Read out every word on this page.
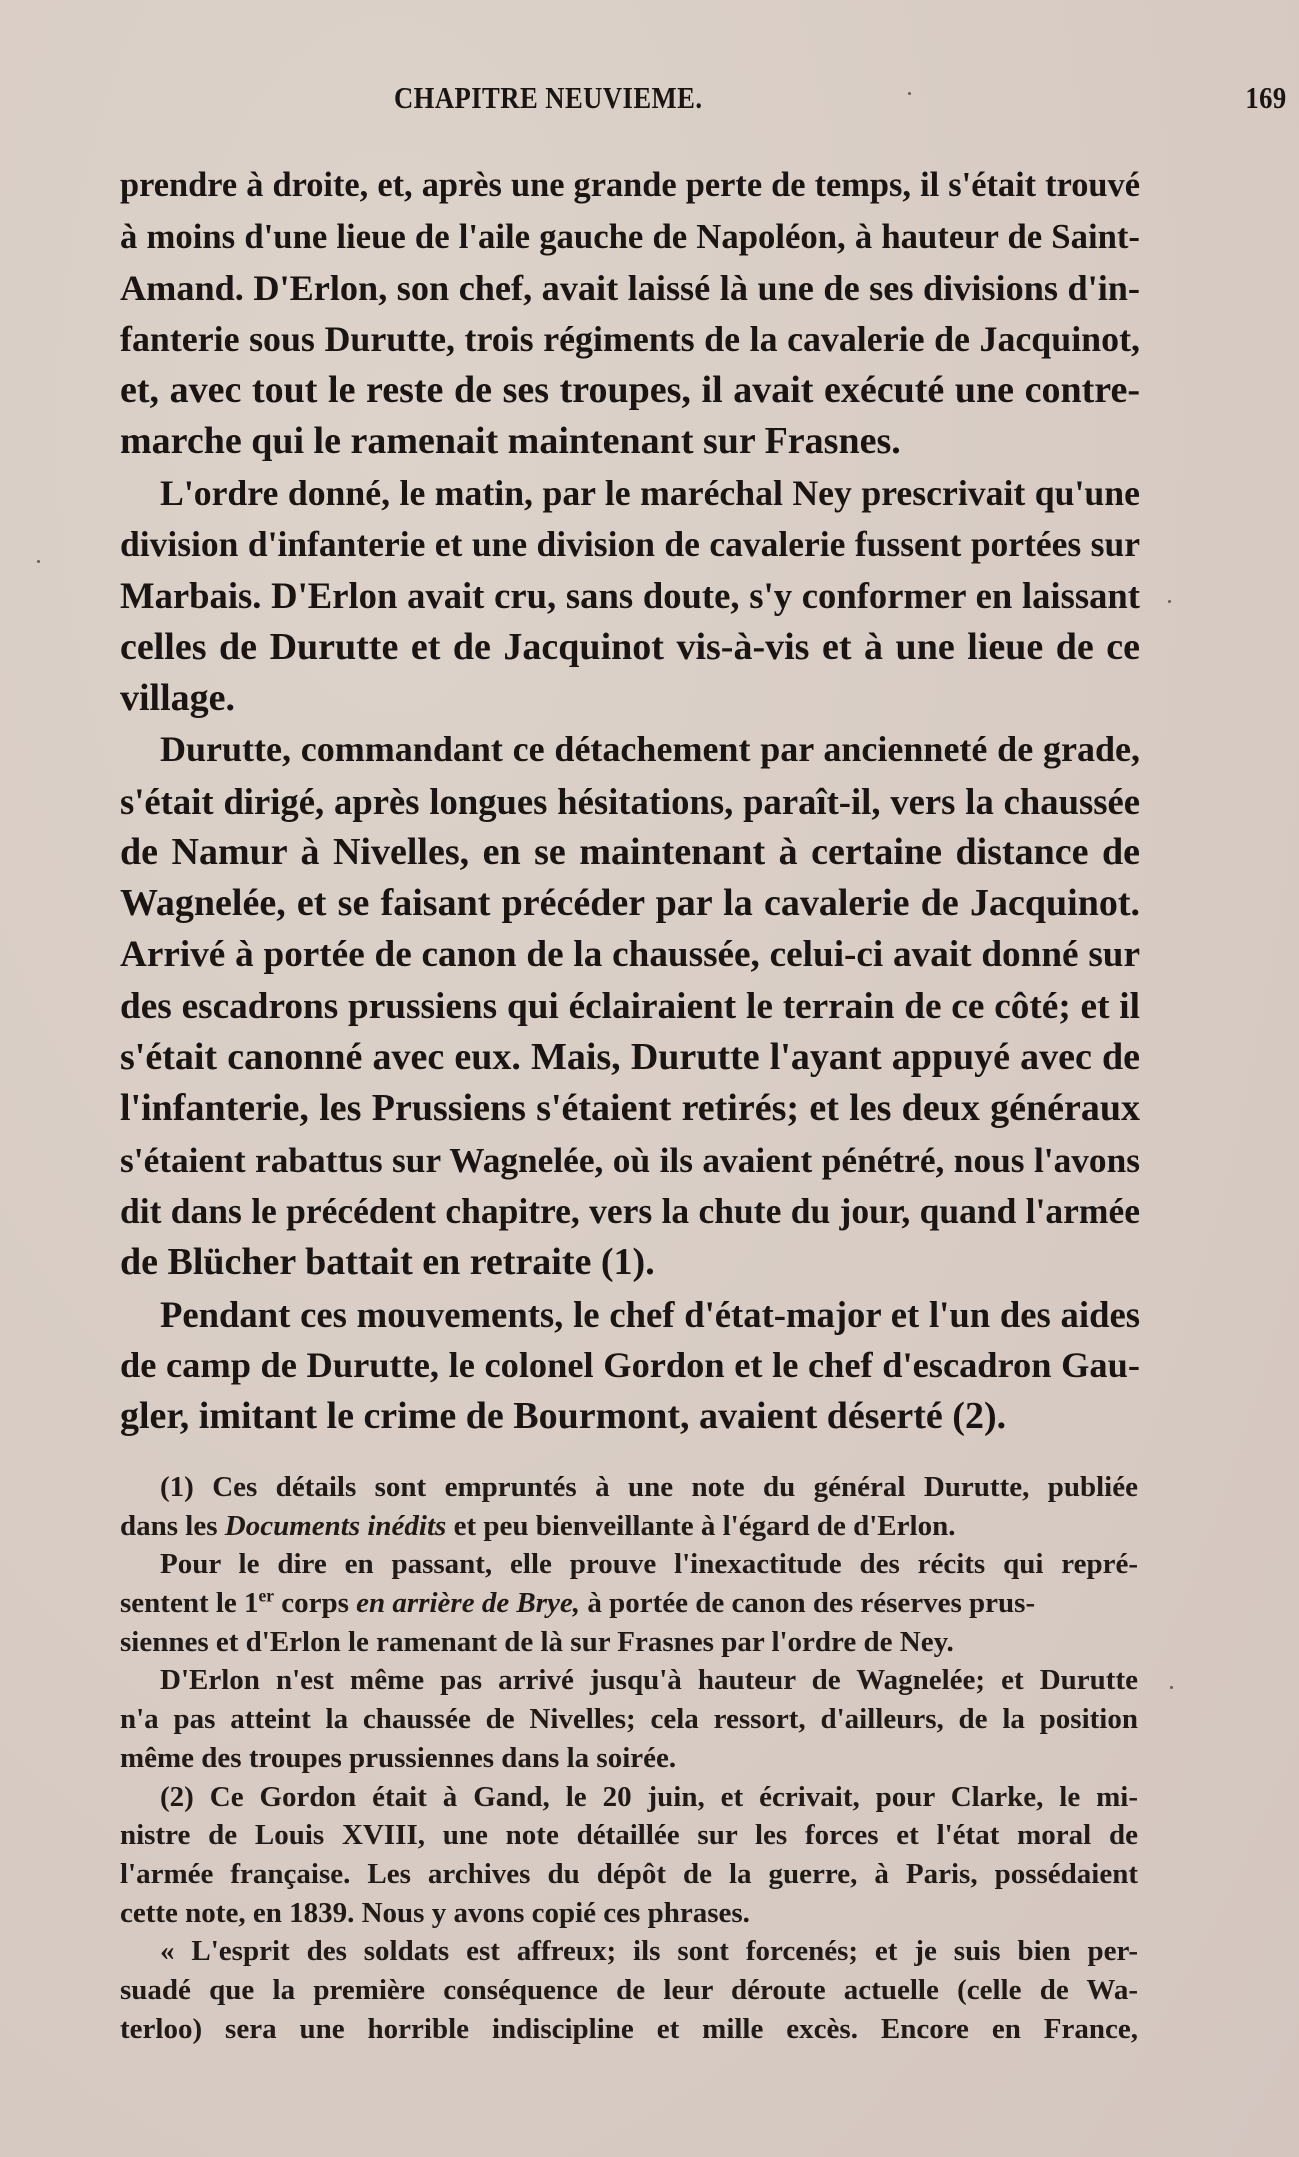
CHAPITRE NEUVIEME.	169
prendre à droite, et, après une grande perte de temps, il s'était trouvé
à moins d'une lieue de l'aile gauche de Napoléon, à hauteur de Saint-
Amand. D'Erlon, son chef, avait laissé là une de ses divisions d'in-
fanterie sous Durutte, trois régiments de la cavalerie de Jacquinot,
et, avec tout le reste de ses troupes, il avait exécuté une contre-
marche qui le ramenait maintenant sur Frasnes.
L'ordre donné, le matin, par le maréchal Ney prescrivait qu'une
division d'infanterie et une division de cavalerie fussent portées sur
Marbais. D'Erlon avait cru, sans doute, s'y conformer en laissant
celles de Durutte et de Jacquinot vis-à-vis et à une lieue de ce
village.
Durutte, commandant ce détachement par ancienneté de grade,
s'était dirigé, après longues hésitations, paraît-il, vers la chaussée
de Namur à Nivelles, en se maintenant à certaine distance de
Wagnelée, et se faisant précéder par la cavalerie de Jacquinot.
Arrivé à portée de canon de la chaussée, celui-ci avait donné sur
des escadrons prussiens qui éclairaient le terrain de ce côté; et il
s'était canonné avec eux. Mais, Durutte l'ayant appuyé avec de
l'infanterie, les Prussiens s'étaient retirés; et les deux généraux
s'étaient rabattus sur Wagnelée, où ils avaient pénétré, nous l'avons
dit dans le précédent chapitre, vers la chute du jour, quand l'armée
de Blücher battait en retraite (1).
Pendant ces mouvements, le chef d'état-major et l'un des aides
de camp de Durutte, le colonel Gordon et le chef d'escadron Gau-
gler, imitant le crime de Bourmont, avaient déserté (2).
(1) Ces détails sont empruntés à une note du général Durutte, publiée
dans les Documents inédits et peu bienveillante à l'égard de d'Erlon.
Pour le dire en passant, elle prouve l'inexactitude des récits qui repré-
sentent le 1er corps en arrière de Brye, à portée de canon des réserves prus-
siennes et d'Erlon le ramenant de là sur Frasnes par l'ordre de Ney.
D'Erlon n'est même pas arrivé jusqu'à hauteur de Wagnelée; et Durutte
n'a pas atteint la chaussée de Nivelles; cela ressort, d'ailleurs, de la position
même des troupes prussiennes dans la soirée.
(2) Ce Gordon était à Gand, le 20 juin, et écrivait, pour Clarke, le mi-
nistre de Louis XVIII, une note détaillée sur les forces et l'état moral de
l'armée française. Les archives du dépôt de la guerre, à Paris, possédaient
cette note, en 1839. Nous y avons copié ces phrases.
« L'esprit des soldats est affreux; ils sont forcenés; et je suis bien per-
suadé que la première conséquence de leur déroute actuelle (celle de Wa-
terloo) sera une horrible indiscipline et mille excès. Encore en France,
